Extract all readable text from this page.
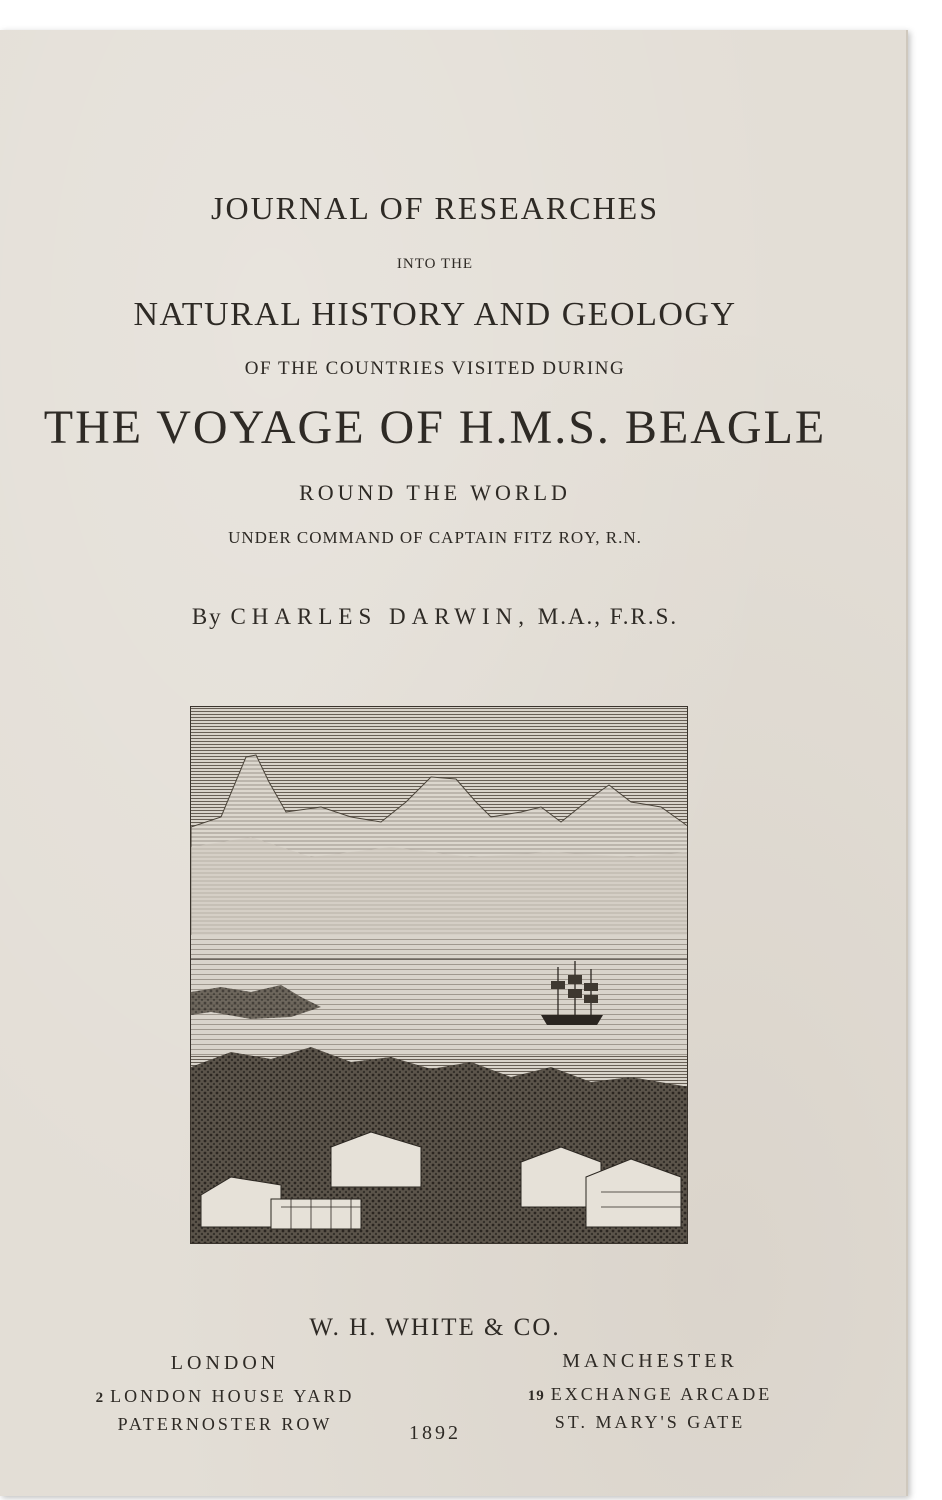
JOURNAL OF RESEARCHES

INTO THE

NATURAL HISTORY AND GEOLOGY

OF THE COUNTRIES VISITED DURING

THE VOYAGE OF H.M.S. BEAGLE

ROUND THE WORLD

UNDER COMMAND OF CAPTAIN FITZ ROY, R.N.

By CHARLES DARWIN, M.A., F.R.S.

W. H. WHITE & CO.

LONDON
2 LONDON HOUSE YARD
PATERNOSTER ROW
MANCHESTER
19 EXCHANGE ARCADE
ST. MARY'S GATE

1892
